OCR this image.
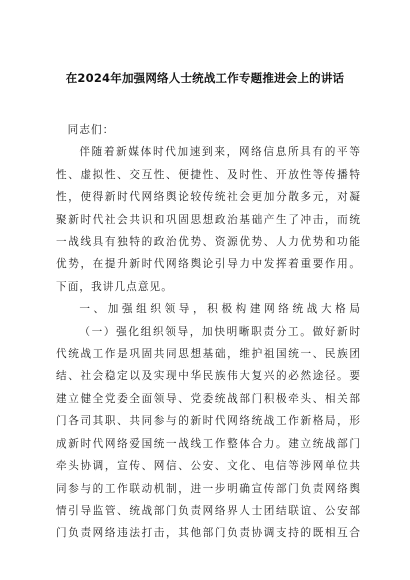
在2024年加强网络人士统战工作专题推进会上的讲话
同志们：
伴随着新媒体时代加速到来，网络信息所具有的平等
性、虚拟性、交互性、便捷性、及时性、开放性等传播特
性，使得新时代网络舆论较传统社会更加分散多元，对凝
聚新时代社会共识和巩固思想政治基础产生了冲击，而统
一战线具有独特的政治优势、资源优势、人力优势和功能
优势，在提升新时代网络舆论引导力中发挥着重要作用。
下面，我讲几点意见。
一、加强组织领导，积极构建网络统战大格局
（一）强化组织领导，加快明晰职责分工。做好新时
代统战工作是巩固共同思想基础，维护祖国统一、民族团
结、社会稳定以及实现中华民族伟大复兴的必然途径。要
建立健全党委全面领导、党委统战部门积极牵头、相关部
门各司其职、共同参与的新时代网络统战工作新格局，形
成新时代网络爱国统一战线工作整体合力。建立统战部门
牵头协调，宣传、网信、公安、文化、电信等涉网单位共
同参与的工作联动机制，进一步明确宣传部门负责网络舆
情引导监管、统战部门负责网络界人士团结联谊、公安部
门负责网络违法打击，其他部门负责协调支持的既相互合
